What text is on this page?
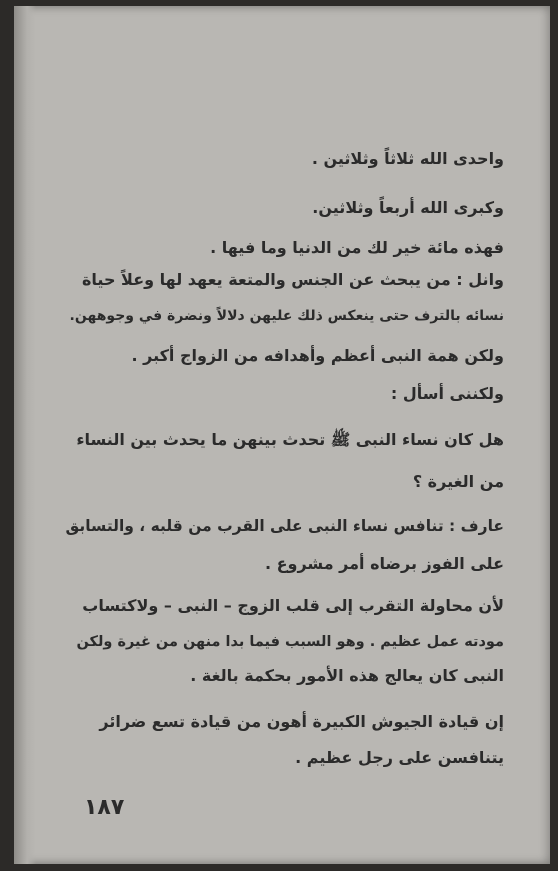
واحدى الله ثلاثاً وثلاثين .
وكبرى الله أربعاً وثلاثين.
فهذه مائة خير لك من الدنيا وما فيها .
وانل : من يبحث عن الجنس والمتعة يعهد لها وعلاً حياة
نسائه بالترف حتى ينعكس ذلك عليهن دلالاً ونضرة في وجوههن.
ولكن همة النبى أعظم وأهدافه من الزواج أكبر .
ولكننى أسأل :
هل كان نساء النبى ﷺ تحدث بينهن ما يحدث بين النساء
من الغيرة ؟
عارف : تنافس نساء النبى على القرب من قلبه ، والتسابق
على الفوز برضاه أمر مشروع .
لأن محاولة التقرب إلى قلب الزوج – النبى – ولاكتساب
مودته عمل عظيم . وهو السبب فيما بدا منهن من غيرة ولكن
النبى كان يعالج هذه الأمور بحكمة بالغة .
إن قيادة الجيوش الكبيرة أهون من قيادة تسع ضرائر
يتنافسن على رجل عظيم .
١٨٧
